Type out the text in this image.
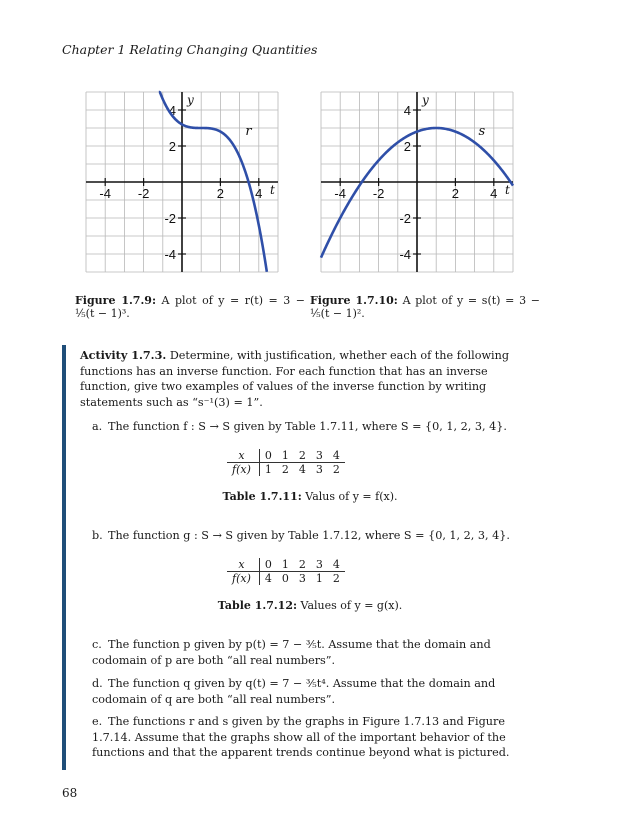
Chapter 1 Relating Changing Quantities
-4 -2	2 4
4
2
-2
-4
t
y
r
-4 -2	2 4
4
2
-2
-4
t
y
s
Figure 1.7.9: A plot of y = r(t) = 3 − ⅕(t − 1)³.
Figure 1.7.10: A plot of y = s(t) = 3 − ⅕(t − 1)².
Activity 1.7.3. Determine, with justification, whether each of the following functions has an inverse function. For each function that has an inverse function, give two examples of values of the inverse function by writing statements such as “s⁻¹(3) = 1”.
a. The function f : S → S given by Table 1.7.11, where S = {0, 1, 2, 3, 4}.
x	0	1	2	3	4
f(x)	1	2	4	3	2
Table 1.7.11: Valus of y = f(x).
b. The function g : S → S given by Table 1.7.12, where S = {0, 1, 2, 3, 4}.
x	0	1	2	3	4
f(x)	4	0	3	1	2
Table 1.7.12: Values of y = g(x).
c. The function p given by p(t) = 7 − ⅗t. Assume that the domain and codomain of p are both “all real numbers”.
d. The function q given by q(t) = 7 − ⅗t⁴. Assume that the domain and codomain of q are both “all real numbers”.
e. The functions r and s given by the graphs in Figure 1.7.13 and Figure 1.7.14. Assume that the graphs show all of the important behavior of the functions and that the apparent trends continue beyond what is pictured.
68
